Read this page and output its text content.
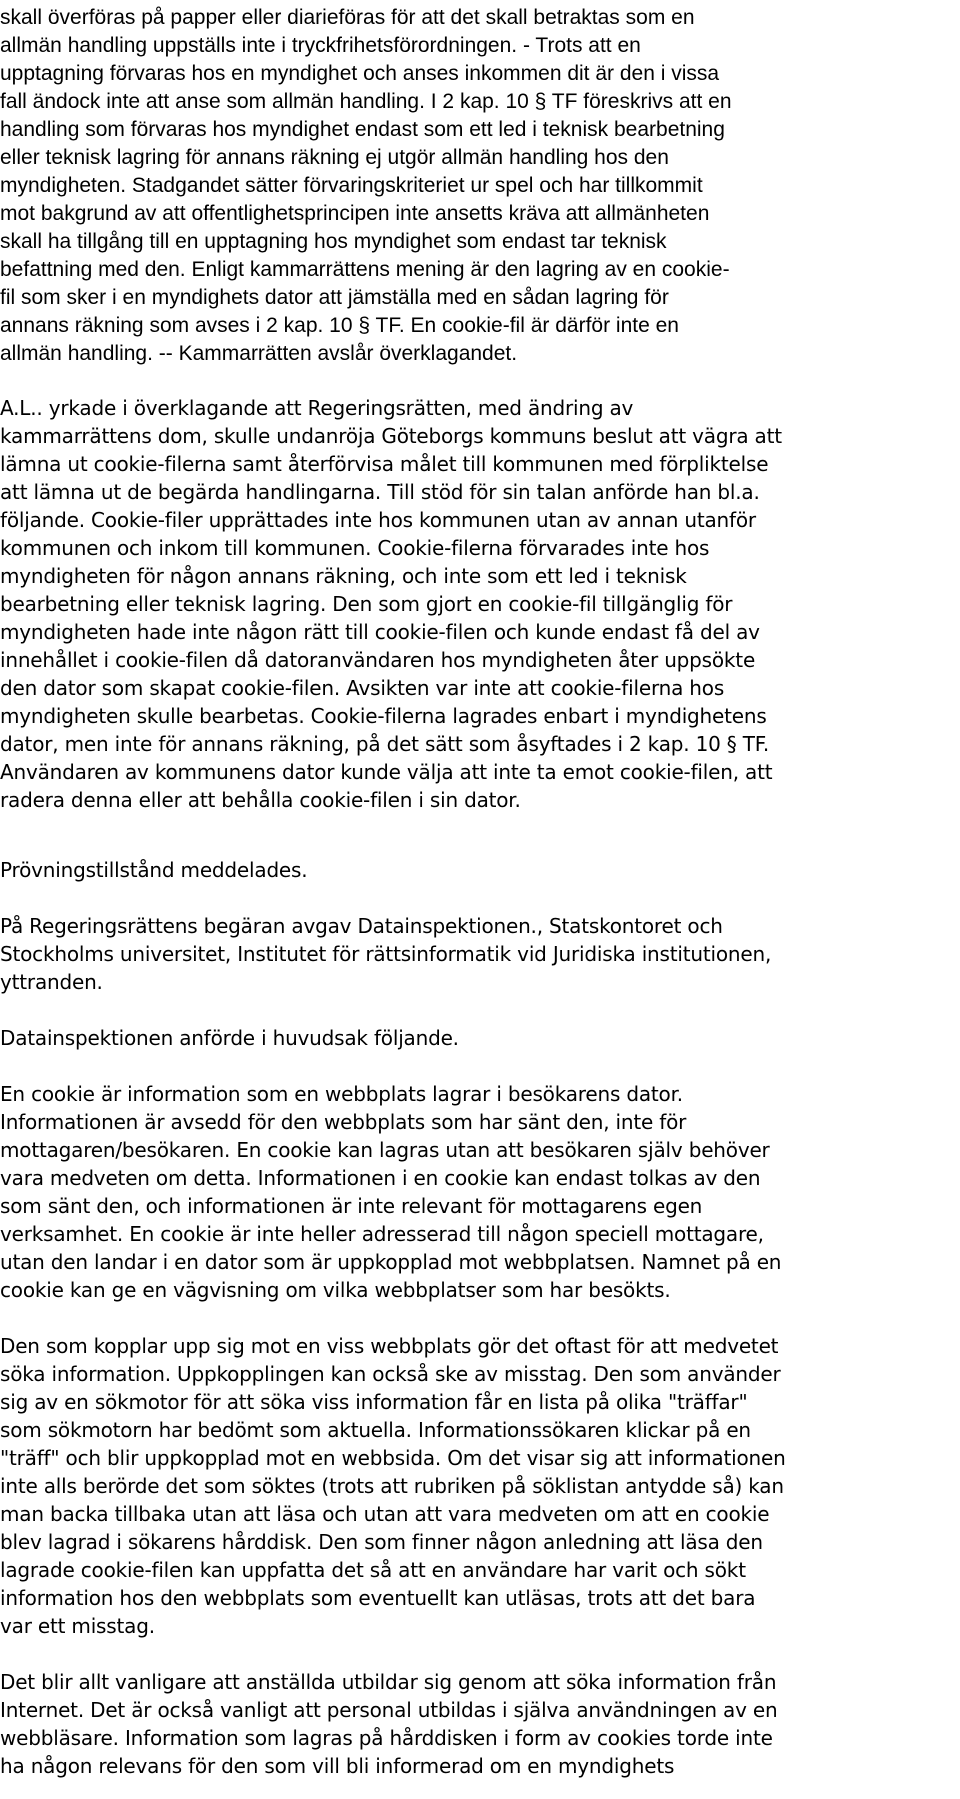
skall överföras på papper eller diarieföras för att det skall betraktas som en
allmän handling uppställs inte i tryckfrihetsförordningen. - Trots att en
upptagning förvaras hos en myndighet och anses inkommen dit är den i vissa
fall ändock inte att anse som allmän handling. I 2 kap. 10 § TF föreskrivs att en
handling som förvaras hos myndighet endast som ett led i teknisk bearbetning
eller teknisk lagring för annans räkning ej utgör allmän handling hos den
myndigheten. Stadgandet sätter förvaringskriteriet ur spel och har tillkommit
mot bakgrund av att offentlighetsprincipen inte ansetts kräva att allmänheten
skall ha tillgång till en upptagning hos myndighet som endast tar teknisk
befattning med den. Enligt kammarrättens mening är den lagring av en cookie-
fil som sker i en myndighets dator att jämställa med en sådan lagring för
annans räkning som avses i 2 kap. 10 § TF. En cookie-fil är därför inte en
allmän handling. -- Kammarrätten avslår överklagandet.
A.L.. yrkade i överklagande att Regeringsrätten, med ändring av
kammarrättens dom, skulle undanröja Göteborgs kommuns beslut att vägra att
lämna ut cookie-filerna samt återförvisa målet till kommunen med förpliktelse
att lämna ut de begärda handlingarna. Till stöd för sin talan anförde han bl.a.
följande. Cookie-filer upprättades inte hos kommunen utan av annan utanför
kommunen och inkom till kommunen. Cookie-filerna förvarades inte hos
myndigheten för någon annans räkning, och inte som ett led i teknisk
bearbetning eller teknisk lagring. Den som gjort en cookie-fil tillgänglig för
myndigheten hade inte någon rätt till cookie-filen och kunde endast få del av
innehållet i cookie-filen då datoranvändaren hos myndigheten åter uppsökte
den dator som skapat cookie-filen. Avsikten var inte att cookie-filerna hos
myndigheten skulle bearbetas. Cookie-filerna lagrades enbart i myndighetens
dator, men inte för annans räkning, på det sätt som åsyftades i 2 kap. 10 § TF.
Användaren av kommunens dator kunde välja att inte ta emot cookie-filen, att
radera denna eller att behålla cookie-filen i sin dator.
Prövningstillstånd meddelades.
På Regeringsrättens begäran avgav Datainspektionen., Statskontoret och
Stockholms universitet, Institutet för rättsinformatik vid Juridiska institutionen,
yttranden.
Datainspektionen anförde i huvudsak följande.
En cookie är information som en webbplats lagrar i besökarens dator.
Informationen är avsedd för den webbplats som har sänt den, inte för
mottagaren/besökaren. En cookie kan lagras utan att besökaren själv behöver
vara medveten om detta. Informationen i en cookie kan endast tolkas av den
som sänt den, och informationen är inte relevant för mottagarens egen
verksamhet. En cookie är inte heller adresserad till någon speciell mottagare,
utan den landar i en dator som är uppkopplad mot webbplatsen. Namnet på en
cookie kan ge en vägvisning om vilka webbplatser som har besökts.
Den som kopplar upp sig mot en viss webbplats gör det oftast för att medvetet
söka information. Uppkopplingen kan också ske av misstag. Den som använder
sig av en sökmotor för att söka viss information får en lista på olika "träffar"
som sökmotorn har bedömt som aktuella. Informationssökaren klickar på en
"träff" och blir uppkopplad mot en webbsida. Om det visar sig att informationen
inte alls berörde det som söktes (trots att rubriken på söklistan antydde så) kan
man backa tillbaka utan att läsa och utan att vara medveten om att en cookie
blev lagrad i sökarens hårddisk. Den som finner någon anledning att läsa den
lagrade cookie-filen kan uppfatta det så att en användare har varit och sökt
information hos den webbplats som eventuellt kan utläsas, trots att det bara
var ett misstag.
Det blir allt vanligare att anställda utbildar sig genom att söka information från
Internet. Det är också vanligt att personal utbildas i själva användningen av en
webbläsare. Information som lagras på hårddisken i form av cookies torde inte
ha någon relevans för den som vill bli informerad om en myndighets
